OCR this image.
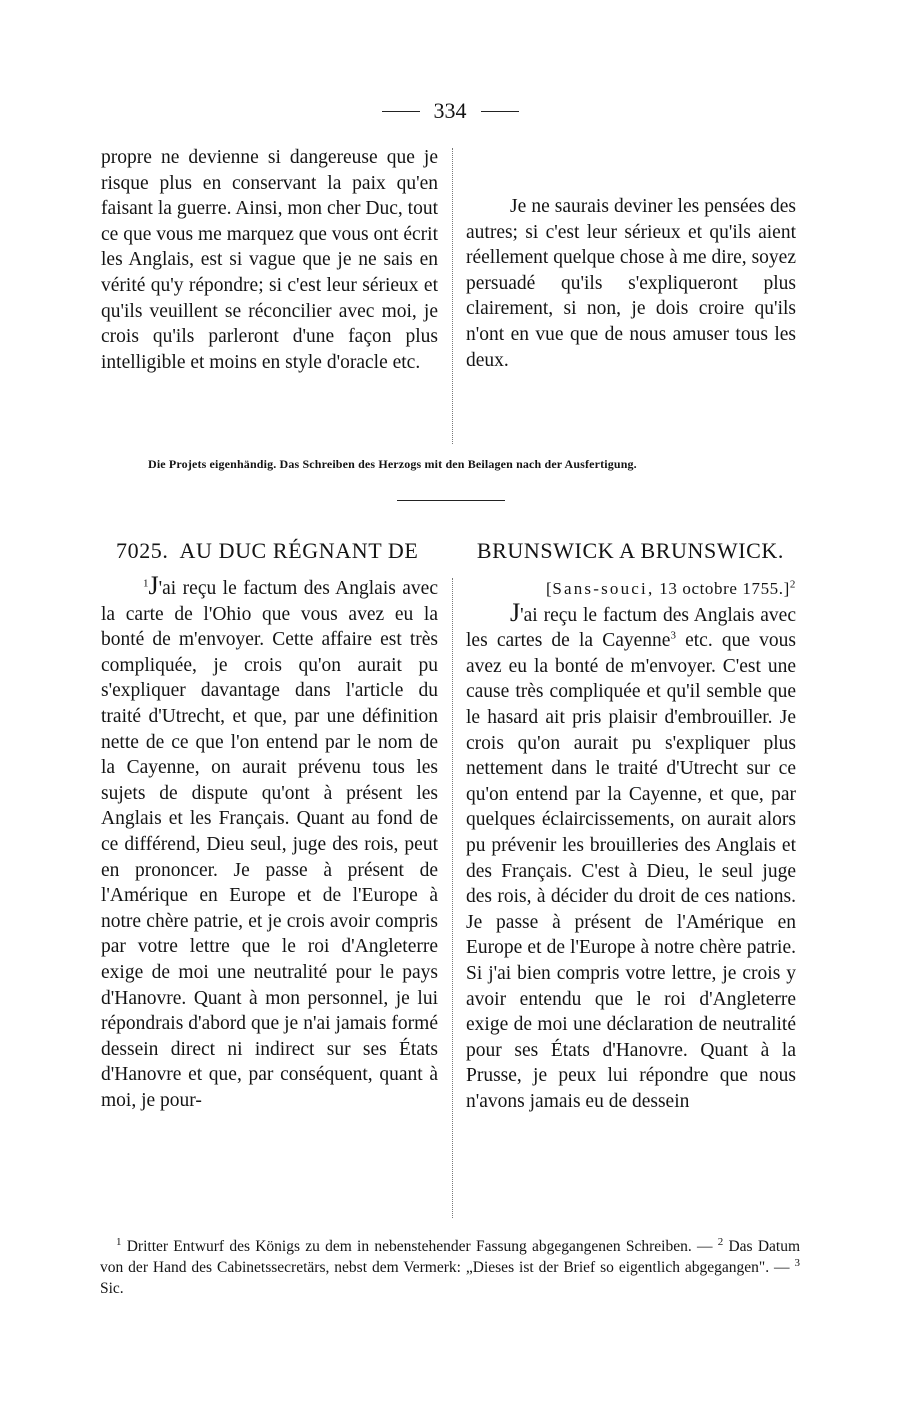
334

propre ne devienne si dangereuse que je risque plus en conservant la paix qu'en faisant la guerre. Ainsi, mon cher Duc, tout ce que vous me marquez que vous ont écrit les Anglais, est si vague que je ne sais en vérité qu'y répondre; si c'est leur sérieux et qu'ils veuillent se réconcilier avec moi, je crois qu'ils parleront d'une façon plus intelligible et moins en style d'oracle etc.

Je ne saurais deviner les pensées des autres; si c'est leur sérieux et qu'ils aient réellement quelque chose à me dire, soyez persuadé qu'ils s'expliqueront plus clairement, si non, je dois croire qu'ils n'ont en vue que de nous amuser tous les deux.

Die Projets eigenhändig. Das Schreiben des Herzogs mit den Beilagen nach der Ausfertigung.
7025. AU DUC RÉGNANT DE	BRUNSWICK A BRUNSWICK.

$^1$J'ai reçu le factum des Anglais avec la carte de l'Ohio que vous avez eu la bonté de m'envoyer. Cette affaire est très compliquée, je crois qu'on aurait pu s'expliquer davantage dans l'article du traité d'Utrecht, et que, par une définition nette de ce que l'on entend par le nom de la Cayenne, on aurait prévenu tous les sujets de dispute qu'ont à présent les Anglais et les Français. Quant au fond de ce différend, Dieu seul, juge des rois, peut en prononcer. Je passe à présent de l'Amérique en Europe et de l'Europe à notre chère patrie, et je crois avoir compris par votre lettre que le roi d'Angleterre exige de moi une neutralité pour le pays d'Hanovre. Quant à mon personnel, je lui répondrais d'abord que je n'ai jamais formé dessein direct ni indirect sur ses États d'Hanovre et que, par conséquent, quant à moi, je pour-

[Sans-souci, 13 octobre 1755.]$^2$

J'ai reçu le factum des Anglais avec les cartes de la Cayenne$^3$ etc. que vous avez eu la bonté de m'envoyer. C'est une cause très compliquée et qu'il semble que le hasard ait pris plaisir d'embrouiller. Je crois qu'on aurait pu s'expliquer plus nettement dans le traité d'Utrecht sur ce qu'on entend par la Cayenne, et que, par quelques éclaircissements, on aurait alors pu prévenir les brouilleries des Anglais et des Français. C'est à Dieu, le seul juge des rois, à décider du droit de ces nations. Je passe à présent de l'Amérique en Europe et de l'Europe à notre chère patrie. Si j'ai bien compris votre lettre, je crois y avoir entendu que le roi d'Angleterre exige de moi une déclaration de neutralité pour ses États d'Hanovre. Quant à la Prusse, je peux lui répondre que nous n'avons jamais eu de dessein

$^1$ Dritter Entwurf des Königs zu dem in nebenstehender Fassung abgegangenen Schreiben. — $^2$ Das Datum von der Hand des Cabinetssecretärs, nebst dem Vermerk: „Dieses ist der Brief so eigentlich abgegangen". — $^3$ Sic.
